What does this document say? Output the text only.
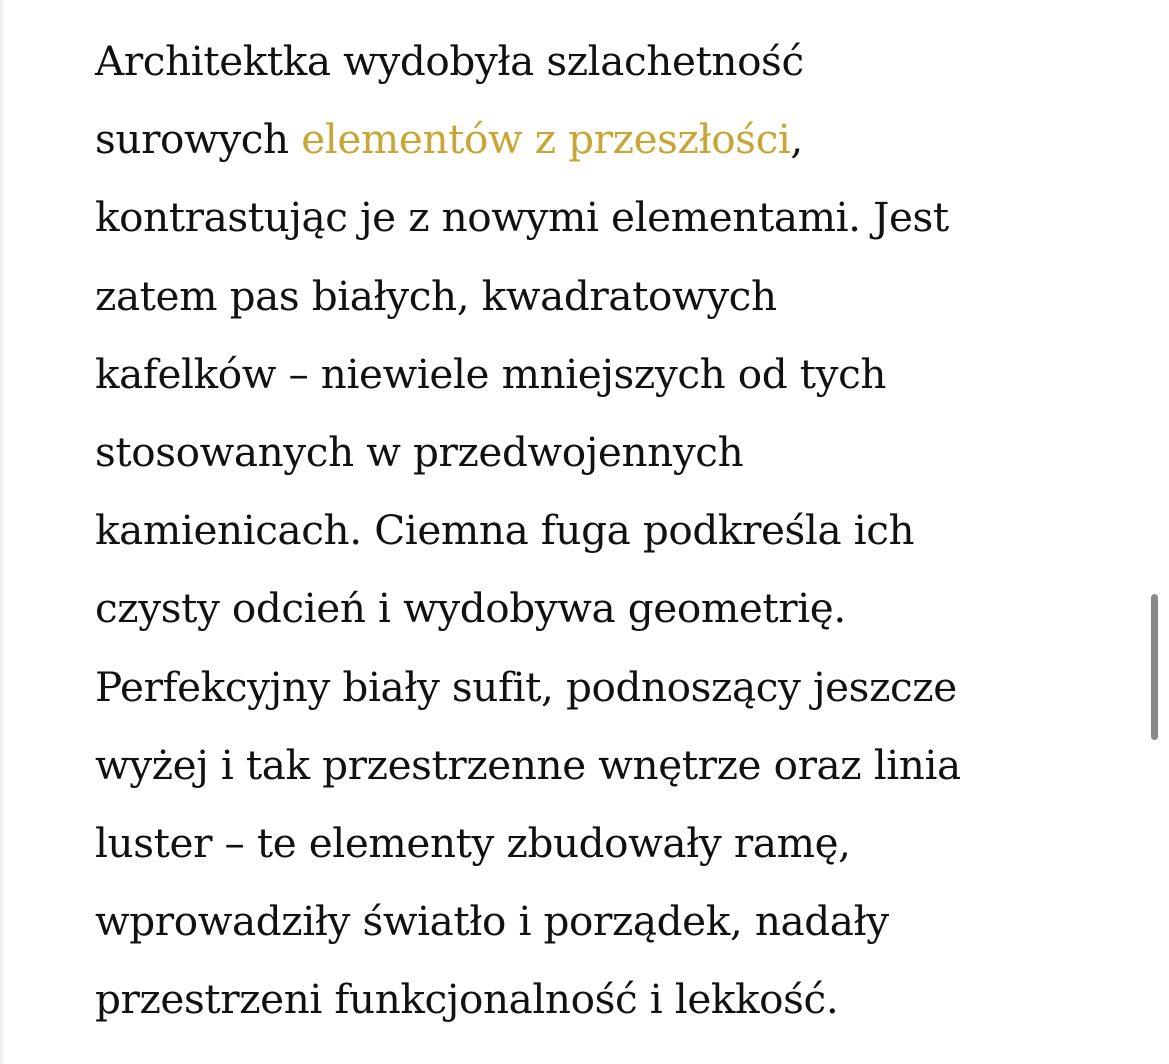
Architektka wydobyła szlachetność
surowych elementów z przeszłości,
kontrastując je z nowymi elementami. Jest
zatem pas białych, kwadratowych
kafelków – niewiele mniejszych od tych
stosowanych w przedwojennych
kamienicach. Ciemna fuga podkreśla ich
czysty odcień i wydobywa geometrię.
Perfekcyjny biały sufit, podnoszący jeszcze
wyżej i tak przestrzenne wnętrze oraz linia
luster – te elementy zbudowały ramę,
wprowadziły światło i porządek, nadały
przestrzeni funkcjonalność i lekkość.
